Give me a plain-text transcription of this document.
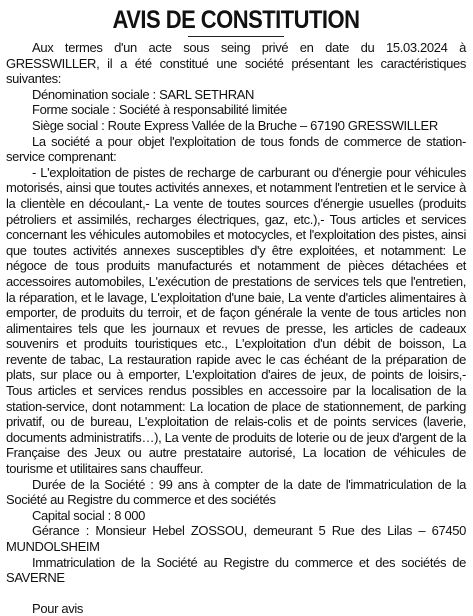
AVIS DE CONSTITUTION

Aux termes d'un acte sous seing privé en date du 15.03.2024 à GRESSWILLER, il a été constitué une société présentant les caractéristiques suivantes:

Dénomination sociale : SARL SETHRAN

Forme sociale : Société à responsabilité limitée

Siège social : Route Express Vallée de la Bruche – 67190 GRESSWILLER

La société a pour objet l'exploitation de tous fonds de commerce de station-service comprenant:

- L'exploitation de pistes de recharge de carburant ou d'énergie pour véhicules motorisés, ainsi que toutes activités annexes, et notamment l'entretien et le service à la clientèle en découlant,- La vente de toutes sources d'énergie usuelles (produits pétroliers et assimilés, recharges électriques, gaz, etc.),- Tous articles et services concernant les véhicules automobiles et motocycles, et l'exploitation des pistes, ainsi que toutes activités annexes susceptibles d'y être exploitées, et notamment: Le négoce de tous produits manufacturés et notamment de pièces détachées et accessoires automobiles, L'exécution de prestations de services tels que l'entretien, la réparation, et le lavage, L'exploitation d'une baie, La vente d'articles alimentaires à emporter, de produits du terroir, et de façon générale la vente de tous articles non alimentaires tels que les journaux et revues de presse, les articles de cadeaux souvenirs et produits touristiques etc., L'exploitation d'un débit de boisson, La revente de tabac, La restauration rapide avec le cas échéant de la préparation de plats, sur place ou à emporter, L'exploitation d'aires de jeux, de points de loisirs,- Tous articles et services rendus possibles en accessoire par la localisation de la station-service, dont notamment: La location de place de stationnement, de parking privatif, ou de bureau, L'exploitation de relais-colis et de points services (laverie, documents administratifs…), La vente de produits de loterie ou de jeux d'argent de la Française des Jeux ou autre prestataire autorisé, La location de véhicules de tourisme et utilitaires sans chauffeur.

Durée de la Société : 99 ans à compter de la date de l'immatriculation de la Société au Registre du commerce et des sociétés

Capital social : 8 000

Gérance : Monsieur Hebel ZOSSOU, demeurant 5 Rue des Lilas – 67450 MUNDOLSHEIM

Immatriculation de la Société au Registre du commerce et des sociétés de SAVERNE

Pour avis
